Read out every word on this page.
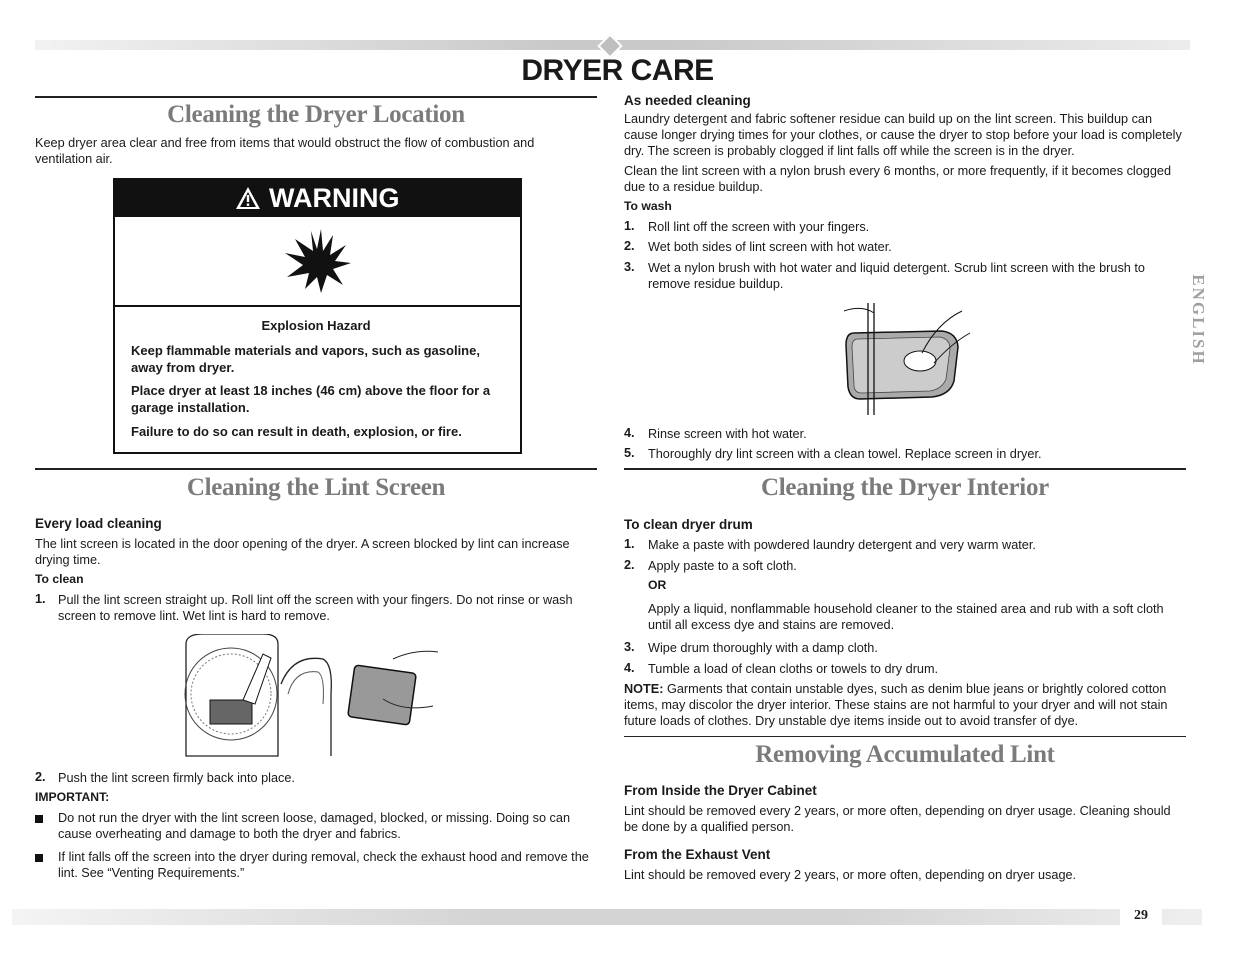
DRYER CARE
Cleaning the Dryer Location

Keep dryer area clear and free from items that would obstruct the flow of combustion and ventilation air.

WARNING

Explosion Hazard

Keep flammable materials and vapors, such as gasoline, away from dryer.

Place dryer at least 18 inches (46 cm) above the floor for a garage installation.

Failure to do so can result in death, explosion, or fire.

Cleaning the Lint Screen

Every load cleaning

The lint screen is located in the door opening of the dryer. A screen blocked by lint can increase drying time.

To clean

1. Pull the lint screen straight up. Roll lint off the screen with your fingers. Do not rinse or wash screen to remove lint. Wet lint is hard to remove.

2. Push the lint screen firmly back into place.

IMPORTANT:

Do not run the dryer with the lint screen loose, damaged, blocked, or missing. Doing so can cause overheating and damage to both the dryer and fabrics.

If lint falls off the screen into the dryer during removal, check the exhaust hood and remove the lint. See “Venting Requirements.”

As needed cleaning

Laundry detergent and fabric softener residue can build up on the lint screen. This buildup can cause longer drying times for your clothes, or cause the dryer to stop before your load is completely dry. The screen is probably clogged if lint falls off while the screen is in the dryer.

Clean the lint screen with a nylon brush every 6 months, or more frequently, if it becomes clogged due to a residue buildup.

To wash

1. Roll lint off the screen with your fingers.

2. Wet both sides of lint screen with hot water.

3. Wet a nylon brush with hot water and liquid detergent. Scrub lint screen with the brush to remove residue buildup.

4. Rinse screen with hot water.

5. Thoroughly dry lint screen with a clean towel. Replace screen in dryer.

Cleaning the Dryer Interior

To clean dryer drum

1. Make a paste with powdered laundry detergent and very warm water.

2. Apply paste to a soft cloth.

OR

Apply a liquid, nonflammable household cleaner to the stained area and rub with a soft cloth until all excess dye and stains are removed.

3. Wipe drum thoroughly with a damp cloth.

4. Tumble a load of clean cloths or towels to dry drum.

NOTE: Garments that contain unstable dyes, such as denim blue jeans or brightly colored cotton items, may discolor the dryer interior. These stains are not harmful to your dryer and will not stain future loads of clothes. Dry unstable dye items inside out to avoid transfer of dye.

Removing Accumulated Lint

From Inside the Dryer Cabinet

Lint should be removed every 2 years, or more often, depending on dryer usage. Cleaning should be done by a qualified person.

From the Exhaust Vent

Lint should be removed every 2 years, or more often, depending on dryer usage.

ENGLISH
29
